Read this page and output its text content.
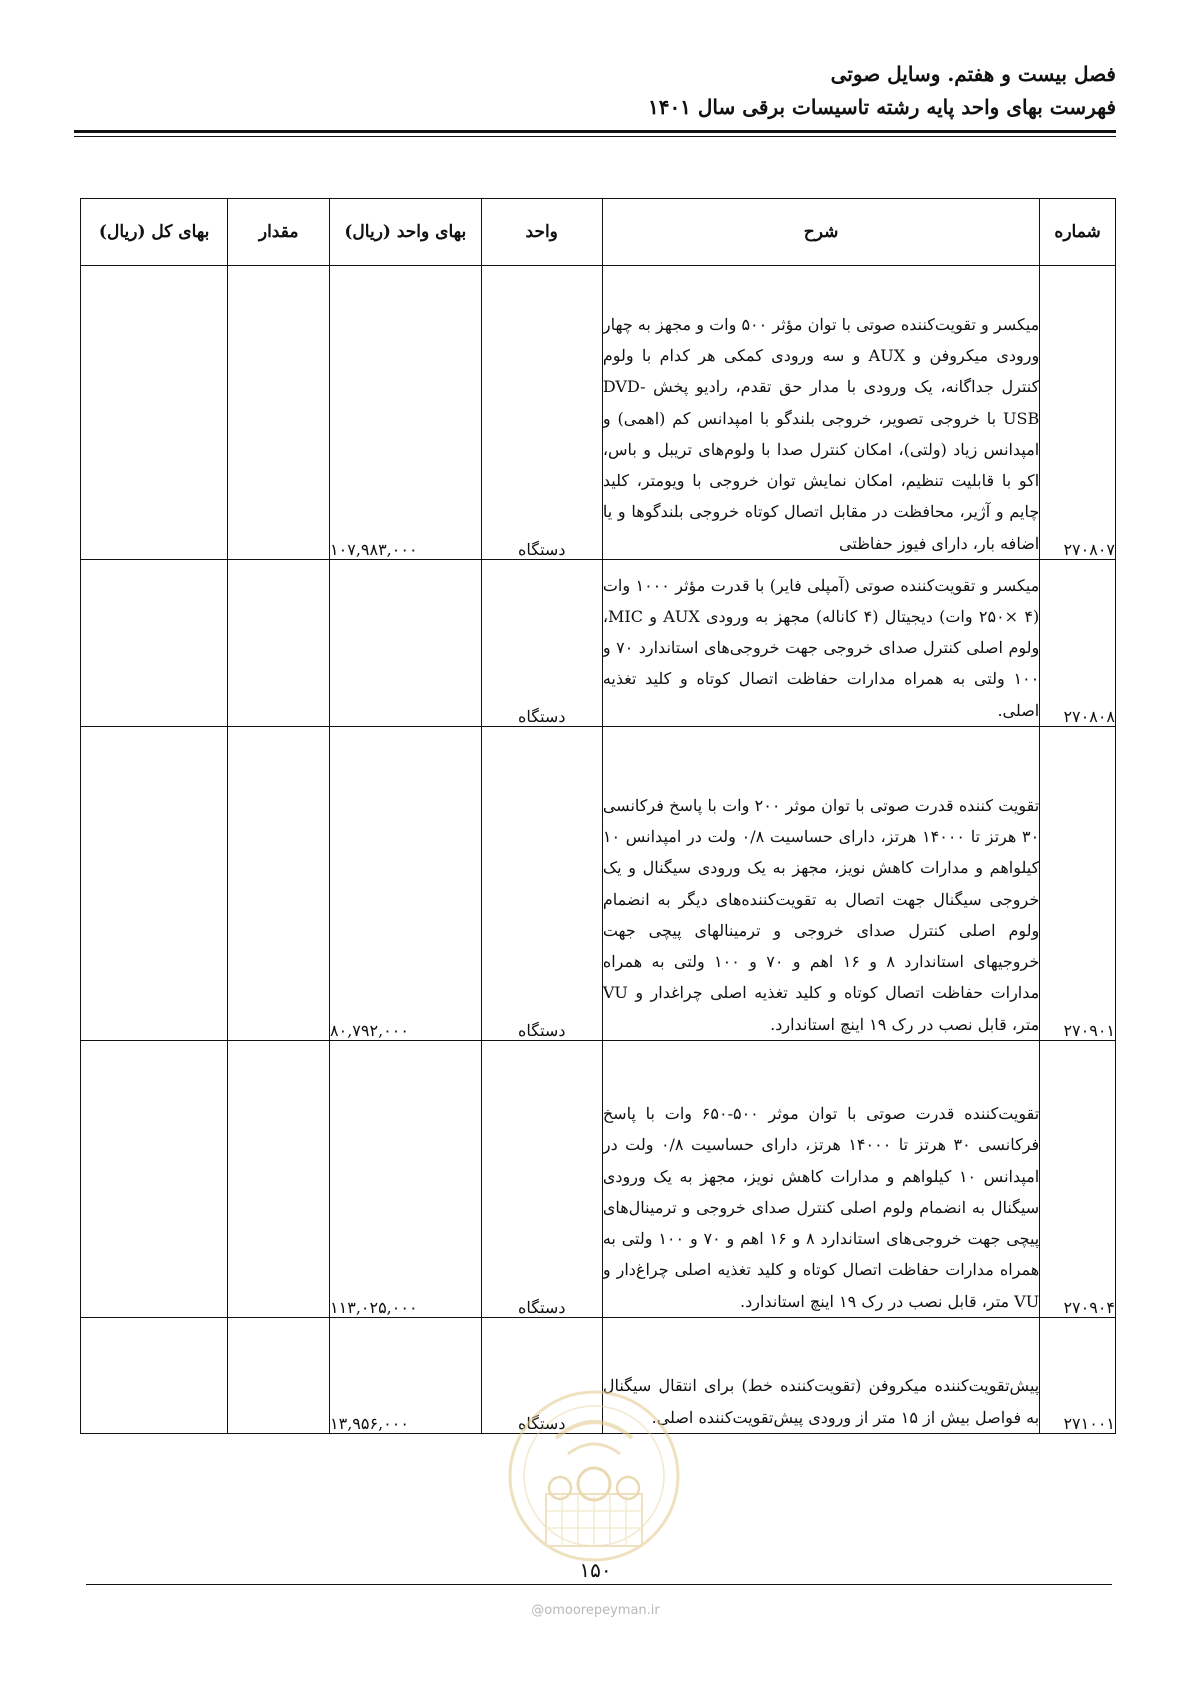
فصل بیست و هفتم. وسایل صوتی
فهرست بهای واحد پایه رشته تاسیسات برقی سال ۱۴۰۱
شماره	شرح	واحد	بهای واحد (ریال)	مقدار	بهای کل (ریال)
۲۷۰۸۰۷	میکسر و تقویت‌کننده صوتی با توان مؤثر ۵۰۰ وات و مجهز به چهار ورودی میکروفن و AUX و سه ورودی کمکی هر کدام با ولوم کنترل جداگانه، یک ورودی با مدار حق تقدم، رادیو پخش DVD-USB با خروجی تصویر، خروجی بلندگو با امپدانس کم (اهمی) و امپدانس زیاد (ولتی)، امکان کنترل صدا با ولوم‌های تریبل و باس، اکو با قابلیت تنظیم، امکان نمایش توان خروجی با ویومتر، کلید چایم و آژیر، محافظت در مقابل اتصال کوتاه خروجی بلندگوها و یا اضافه بار، دارای فیوز حفاظتی	دستگاه	۱۰۷,۹۸۳,۰۰۰		
۲۷۰۸۰۸	میکسر و تقویت‌کننده صوتی (آمپلی فایر) با قدرت مؤثر ۱۰۰۰ وات (۴ ×۲۵۰ وات) دیجیتال (۴ کاناله) مجهز به ورودی AUX و MIC، ولوم اصلی کنترل صدای خروجی جهت خروجی‌های استاندارد ۷۰ و ۱۰۰ ولتی به همراه مدارات حفاظت اتصال کوتاه و کلید تغذیه اصلی.	دستگاه			
۲۷۰۹۰۱	تقویت کننده قدرت صوتی با توان موثر ۲۰۰ وات با پاسخ فرکانسی ۳۰ هرتز تا ۱۴۰۰۰ هرتز، دارای حساسیت ۰/۸ ولت در امپدانس ۱۰ کیلواهم و مدارات کاهش نویز، مجهز به یک ورودی سیگنال و یک خروجی سیگنال جهت اتصال به تقویت‌کننده‌های دیگر به انضمام ولوم اصلی کنترل صدای خروجی و ترمینالهای پیچی جهت خروجیهای استاندارد ۸ و ۱۶ اهم و ۷۰ و ۱۰۰ ولتی به همراه مدارات حفاظت اتصال کوتاه و کلید تغذیه اصلی چراغدار و VU متر، قابل نصب در رک ۱۹ اینچ استاندارد.	دستگاه	۸۰,۷۹۲,۰۰۰		
۲۷۰۹۰۴	تقویت‌کننده قدرت صوتی با توان موثر ۵۰۰-۶۵۰ وات با پاسخ فرکانسی ۳۰ هرتز تا ۱۴۰۰۰ هرتز، دارای حساسیت ۰/۸ ولت در امپدانس ۱۰ کیلواهم و مدارات کاهش نویز، مجهز به یک ورودی سیگنال به انضمام ولوم اصلی کنترل صدای خروجی و ترمینال‌های پیچی جهت خروجی‌های استاندارد ۸ و ۱۶ اهم و ۷۰ و ۱۰۰ ولتی به همراه مدارات حفاظت اتصال کوتاه و کلید تغذیه اصلی چراغ‌دار و VU متر، قابل نصب در رک ۱۹ اینچ استاندارد.	دستگاه	۱۱۳,۰۲۵,۰۰۰		
۲۷۱۰۰۱	پیش‌تقویت‌کننده میکروفن (تقویت‌کننده خط) برای انتقال سیگنال به فواصل بیش از ۱۵ متر از ورودی پیش‌تقویت‌کننده اصلی.	دستگاه	۱۳,۹۵۶,۰۰۰		
۱۵۰
@omoorepeyman.ir
